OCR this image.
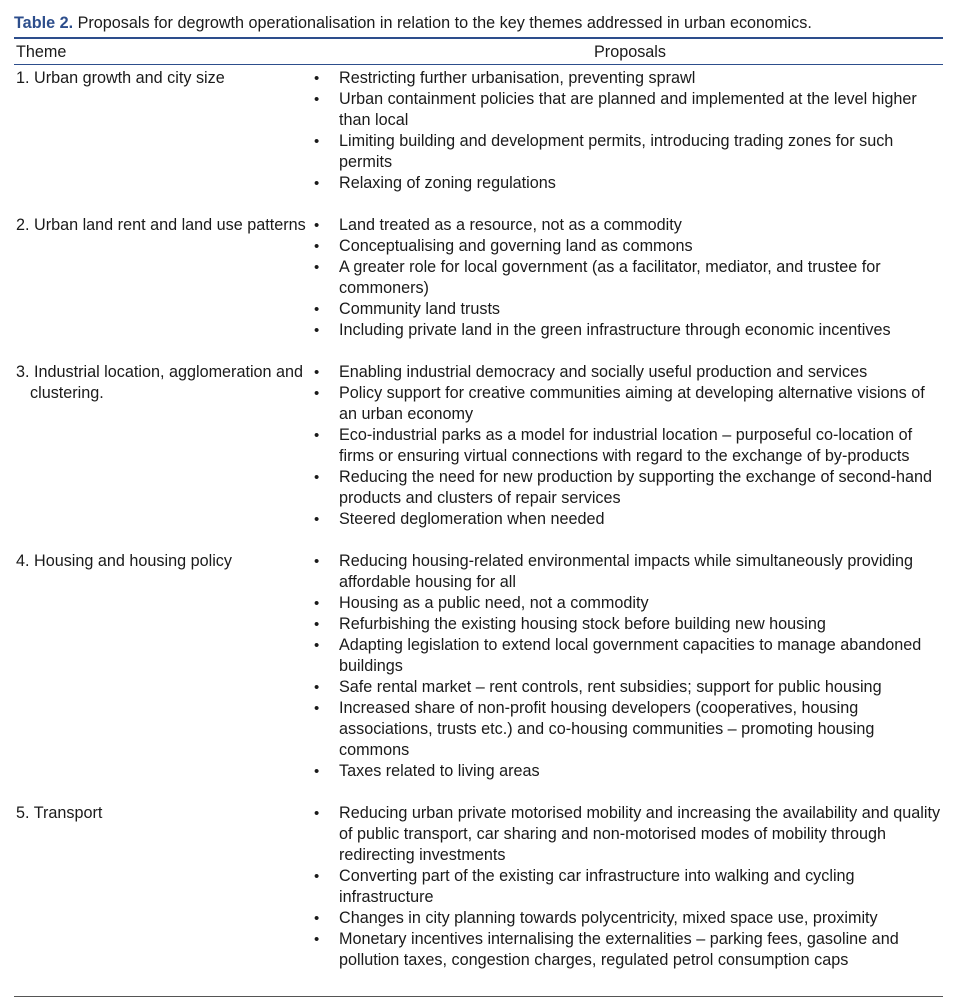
Table 2. Proposals for degrowth operationalisation in relation to the key themes addressed in urban economics.
Theme	Proposals
1. Urban growth and city size	• Restricting further urbanisation, preventing sprawl
• Urban containment policies that are planned and implemented at the level higher than local
• Limiting building and development permits, introducing trading zones for such permits
• Relaxing of zoning regulations
2. Urban land rent and land use patterns • Land treated as a resource, not as a commodity
• Conceptualising and governing land as commons
• A greater role for local government (as a facilitator, mediator, and trustee for commoners)
• Community land trusts
• Including private land in the green infrastructure through economic incentives
3. Industrial location, agglomeration and clustering.
• Enabling industrial democracy and socially useful production and services
• Policy support for creative communities aiming at developing alternative visions of an urban economy
• Eco-industrial parks as a model for industrial location – purposeful co-location of firms or ensuring virtual connections with regard to the exchange of by-products
• Reducing the need for new production by supporting the exchange of second-hand products and clusters of repair services
• Steered deglomeration when needed
4. Housing and housing policy	• Reducing housing-related environmental impacts while simultaneously providing affordable housing for all
• Housing as a public need, not a commodity
• Refurbishing the existing housing stock before building new housing
• Adapting legislation to extend local government capacities to manage abandoned buildings
• Safe rental market – rent controls, rent subsidies; support for public housing
• Increased share of non-profit housing developers (cooperatives, housing associations, trusts etc.) and co-housing communities – promoting housing commons
• Taxes related to living areas
5. Transport	• Reducing urban private motorised mobility and increasing the availability and quality of public transport, car sharing and non-motorised modes of mobility through redirecting investments
• Converting part of the existing car infrastructure into walking and cycling infrastructure
• Changes in city planning towards polycentricity, mixed space use, proximity
• Monetary incentives internalising the externalities – parking fees, gasoline and pollution taxes, congestion charges, regulated petrol consumption caps
